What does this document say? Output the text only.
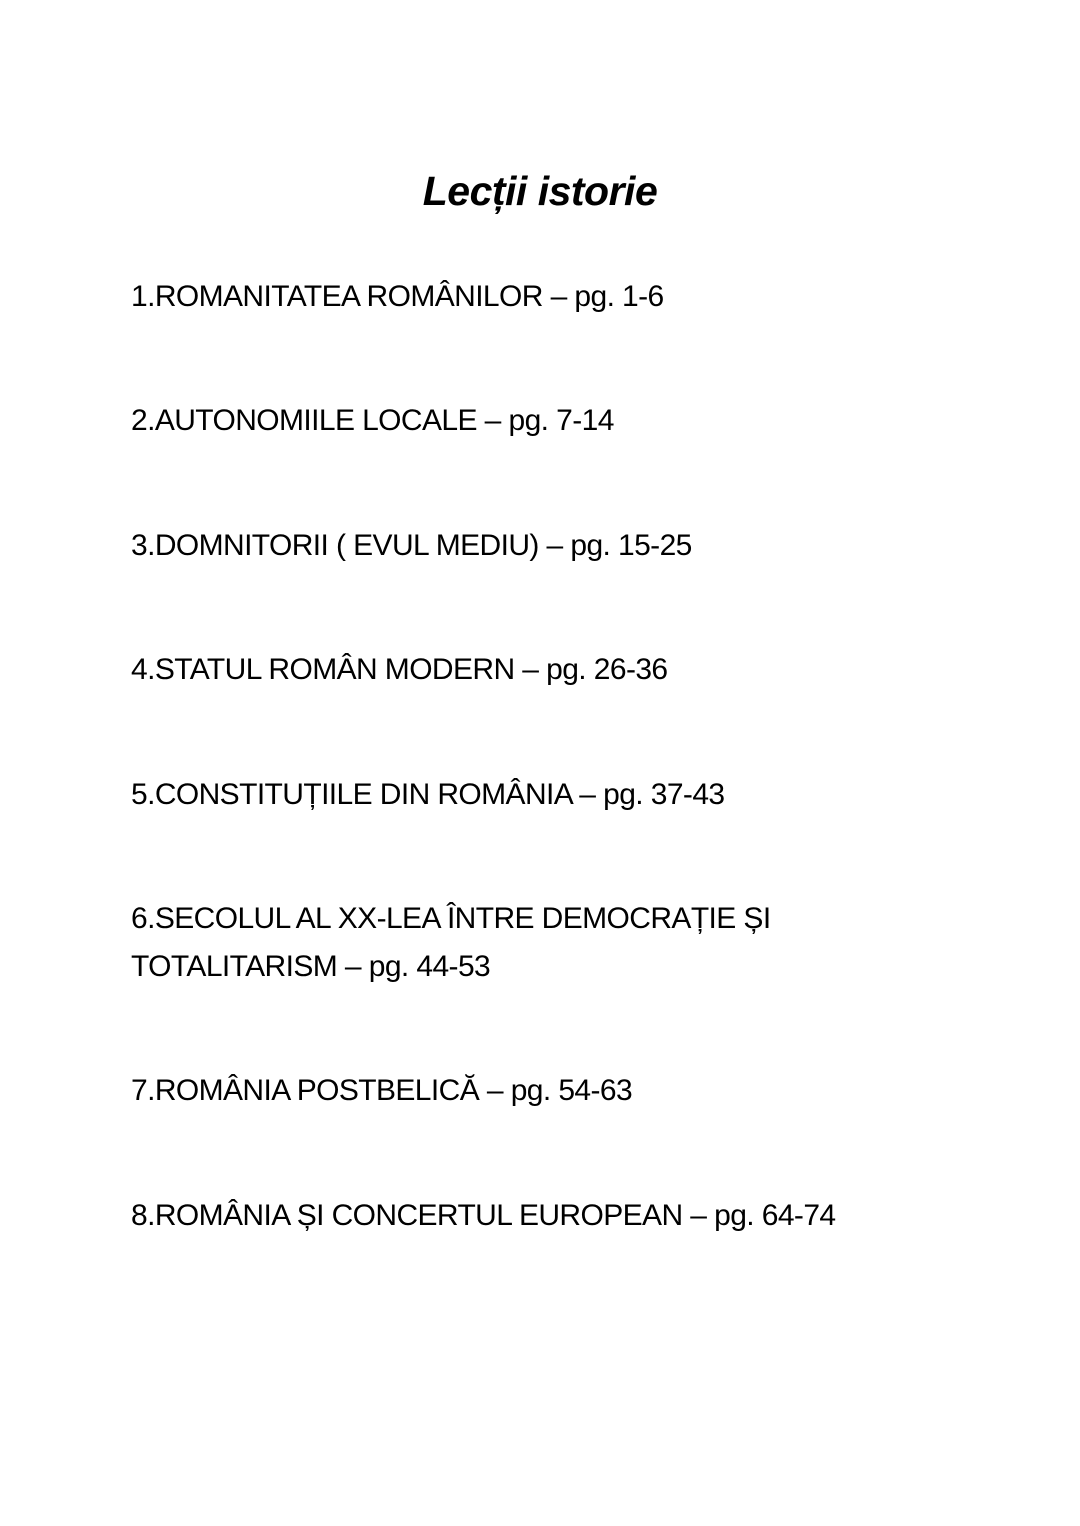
Lecții istorie
1.ROMANITATEA ROMÂNILOR – pg. 1-6
2.AUTONOMIILE LOCALE – pg. 7-14
3.DOMNITORII ( EVUL MEDIU) – pg. 15-25
4.STATUL ROMÂN MODERN – pg. 26-36
5.CONSTITUȚIILE DIN ROMÂNIA – pg. 37-43
6.SECOLUL AL XX-LEA ÎNTRE DEMOCRAȚIE ȘI TOTALITARISM – pg. 44-53
7.ROMÂNIA POSTBELICĂ – pg. 54-63
8.ROMÂNIA ȘI CONCERTUL EUROPEAN – pg. 64-74
